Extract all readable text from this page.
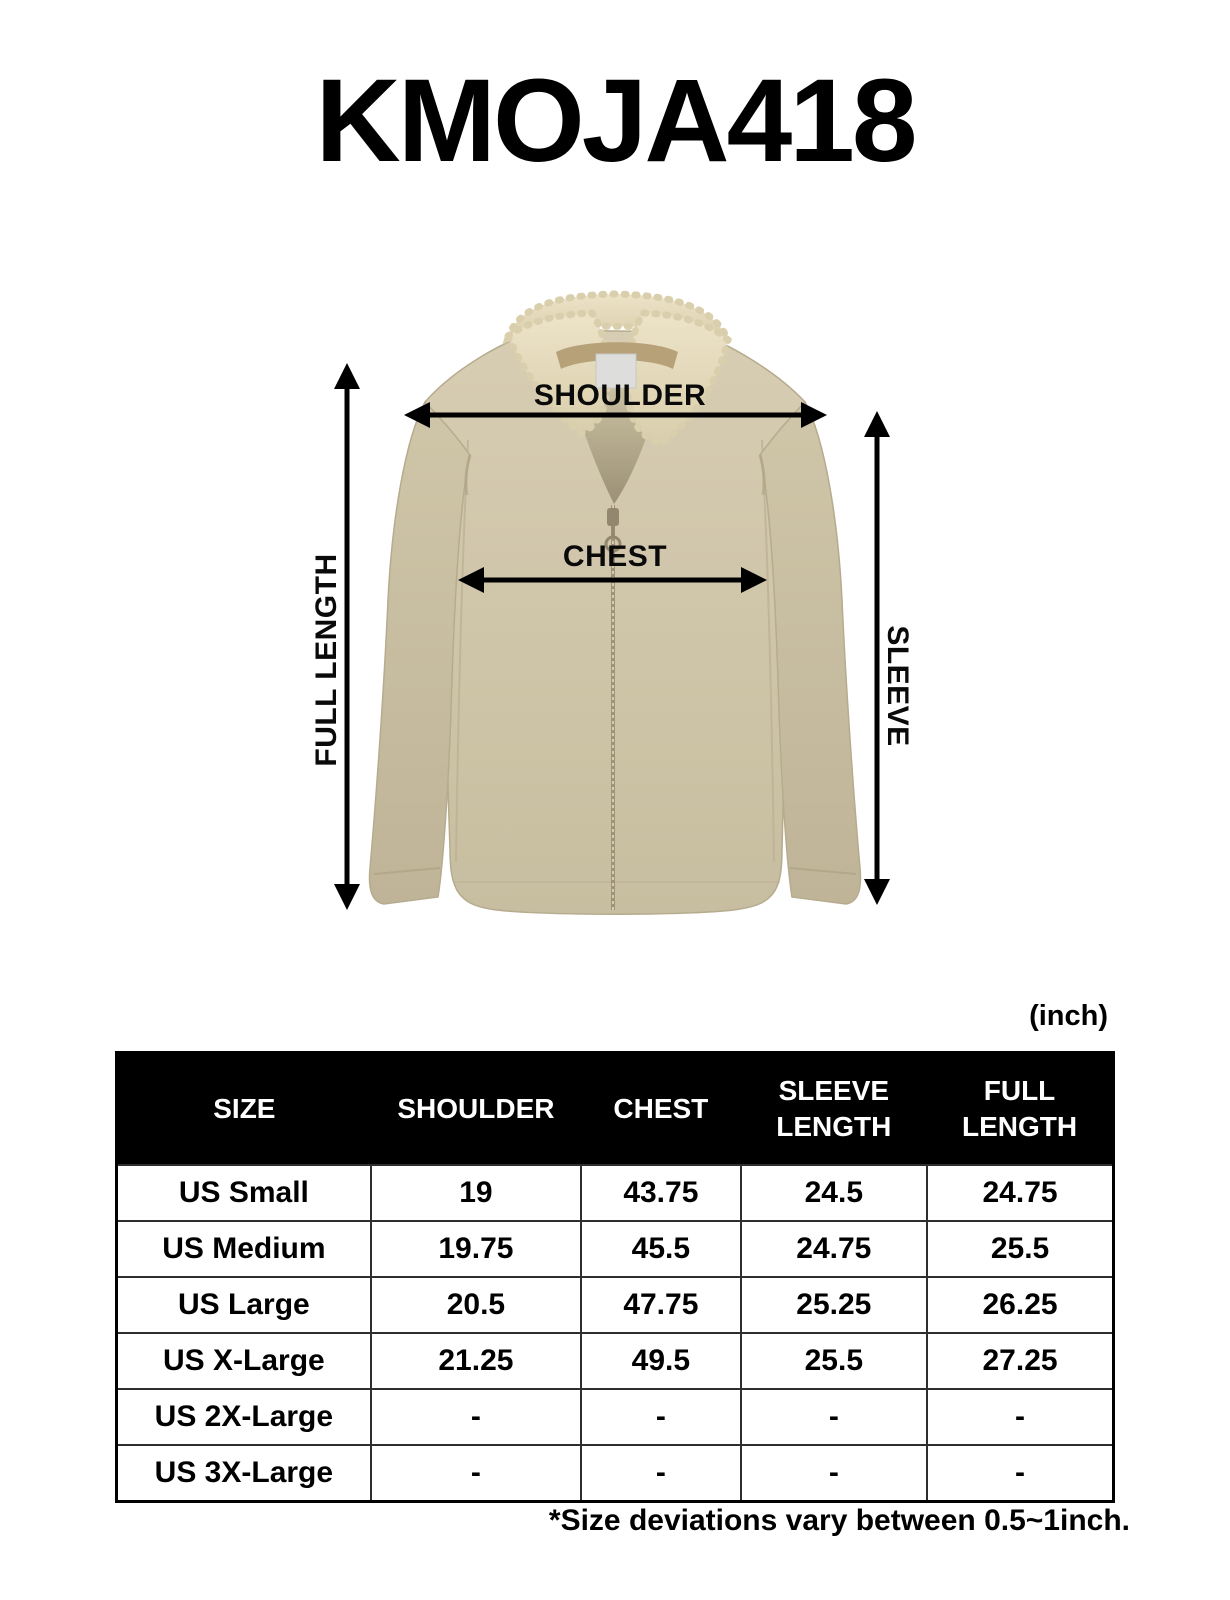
KMOJA418
SHOULDER
CHEST
FULL LENGTH	SLEEVE
(inch)
SIZE	SHOULDER	CHEST	SLEEVE LENGTH	FULL LENGTH
US Small	19	43.75	24.5	24.75
US Medium	19.75	45.5	24.75	25.5
US Large	20.5	47.75	25.25	26.25
US X-Large	21.25	49.5	25.5	27.25
US 2X-Large	-	-	-	-
US 3X-Large	-	-	-	-
*Size deviations vary between 0.5~1inch.
